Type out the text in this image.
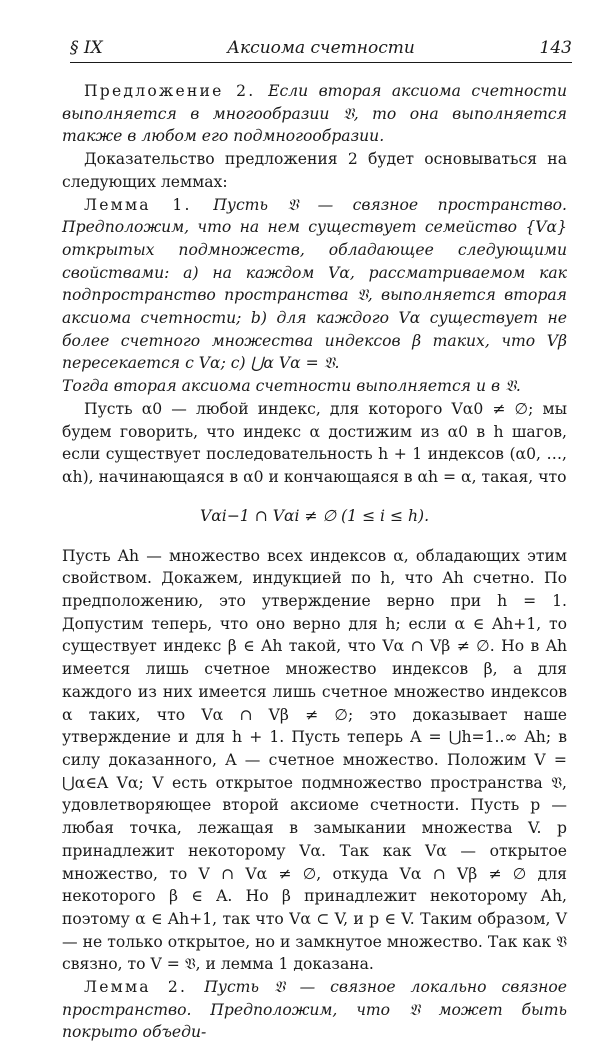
§ IX	Аксиома счетности	143

Предложение 2. Если вторая аксиома счетности выполняется в многообразии 𝔙, то она выполняется также в любом его подмногообразии.

Доказательство предложения 2 будет основываться на следующих леммах:

Лемма 1. Пусть 𝔙 — связное пространство. Предположим, что на нем существует семейство {Vα} открытых подмножеств, обладающее следующими свойствами: a) на каждом Vα, рассматриваемом как подпространство пространства 𝔙, выполняется вторая аксиома счетности; b) для каждого Vα существует не более счетного множества индексов β таких, что Vβ пересекается с Vα; c) ⋃α Vα = 𝔙.

Тогда вторая аксиома счетности выполняется и в 𝔙.

Пусть α0 — любой индекс, для которого Vα0 ≠ ∅; мы будем говорить, что индекс α достижим из α0 в h шагов, если существует последовательность h + 1 индексов (α0, …, αh), начинающаяся в α0 и кончающаяся в αh = α, такая, что

Vαi−1 ∩ Vαi ≠ ∅ (1 ≤ i ≤ h).

Пусть Ah — множество всех индексов α, обладающих этим свойством. Докажем, индукцией по h, что Ah счетно. По предположению, это утверждение верно при h = 1. Допустим теперь, что оно верно для h; если α ∈ Ah+1, то существует индекс β ∈ Ah такой, что Vα ∩ Vβ ≠ ∅. Но в Ah имеется лишь счетное множество индексов β, а для каждого из них имеется лишь счетное множество индексов α таких, что Vα ∩ Vβ ≠ ∅; это доказывает наше утверждение и для h + 1. Пусть теперь A = ⋃h=1..∞ Ah; в силу доказанного, A — счетное множество. Положим V = ⋃α∈A Vα; V есть открытое подмножество пространства 𝔙, удовлетворяющее второй аксиоме счетности. Пусть p — любая точка, лежащая в замыкании множества V. p принадлежит некоторому Vα. Так как Vα — открытое множество, то V ∩ Vα ≠ ∅, откуда Vα ∩ Vβ ≠ ∅ для некоторого β ∈ A. Но β принадлежит некоторому Ah, поэтому α ∈ Ah+1, так что Vα ⊂ V, и p ∈ V. Таким образом, V — не только открытое, но и замкнутое множество. Так как 𝔙 связно, то V = 𝔙, и лемма 1 доказана.

Лемма 2. Пусть 𝔙 — связное локально связное пространство. Предположим, что 𝔙 может быть покрыто объеди-
